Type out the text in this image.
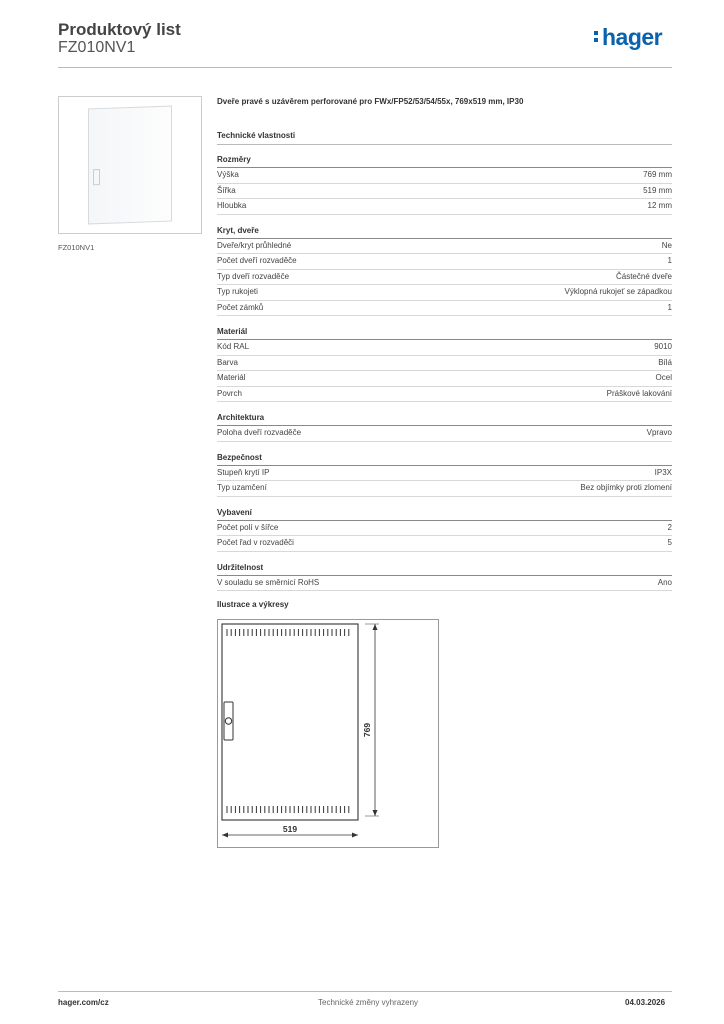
Produktový list
FZ010NV1	hager
FZ010NV1
Dveře pravé s uzávěrem perforované pro FWx/FP52/53/54/55x, 769x519 mm, IP30
Technické vlastnosti
Rozměry
Výška	769 mm
Šířka	519 mm
Hloubka	12 mm
Kryt, dveře
Dveře/kryt průhledné	Ne
Počet dveří rozvaděče	1
Typ dveří rozvaděče	Částečné dveře
Typ rukojeti	Výklopná rukojeť se západkou
Počet zámků	1
Materiál
Kód RAL	9010
Barva	Bílá
Materiál	Ocel
Povrch	Práškové lakování
Architektura
Poloha dveří rozvaděče	Vpravo
Bezpečnost
Stupeň krytí IP	IP3X
Typ uzamčení	Bez objímky proti zlomení
Vybavení
Počet polí v šířce	2
Počet řad v rozvaděči	5
Udržitelnost
V souladu se směrnicí RoHS	Ano
Ilustrace a výkresy
769
519
hager.com/cz	Technické změny vyhrazeny	04.03.2026
